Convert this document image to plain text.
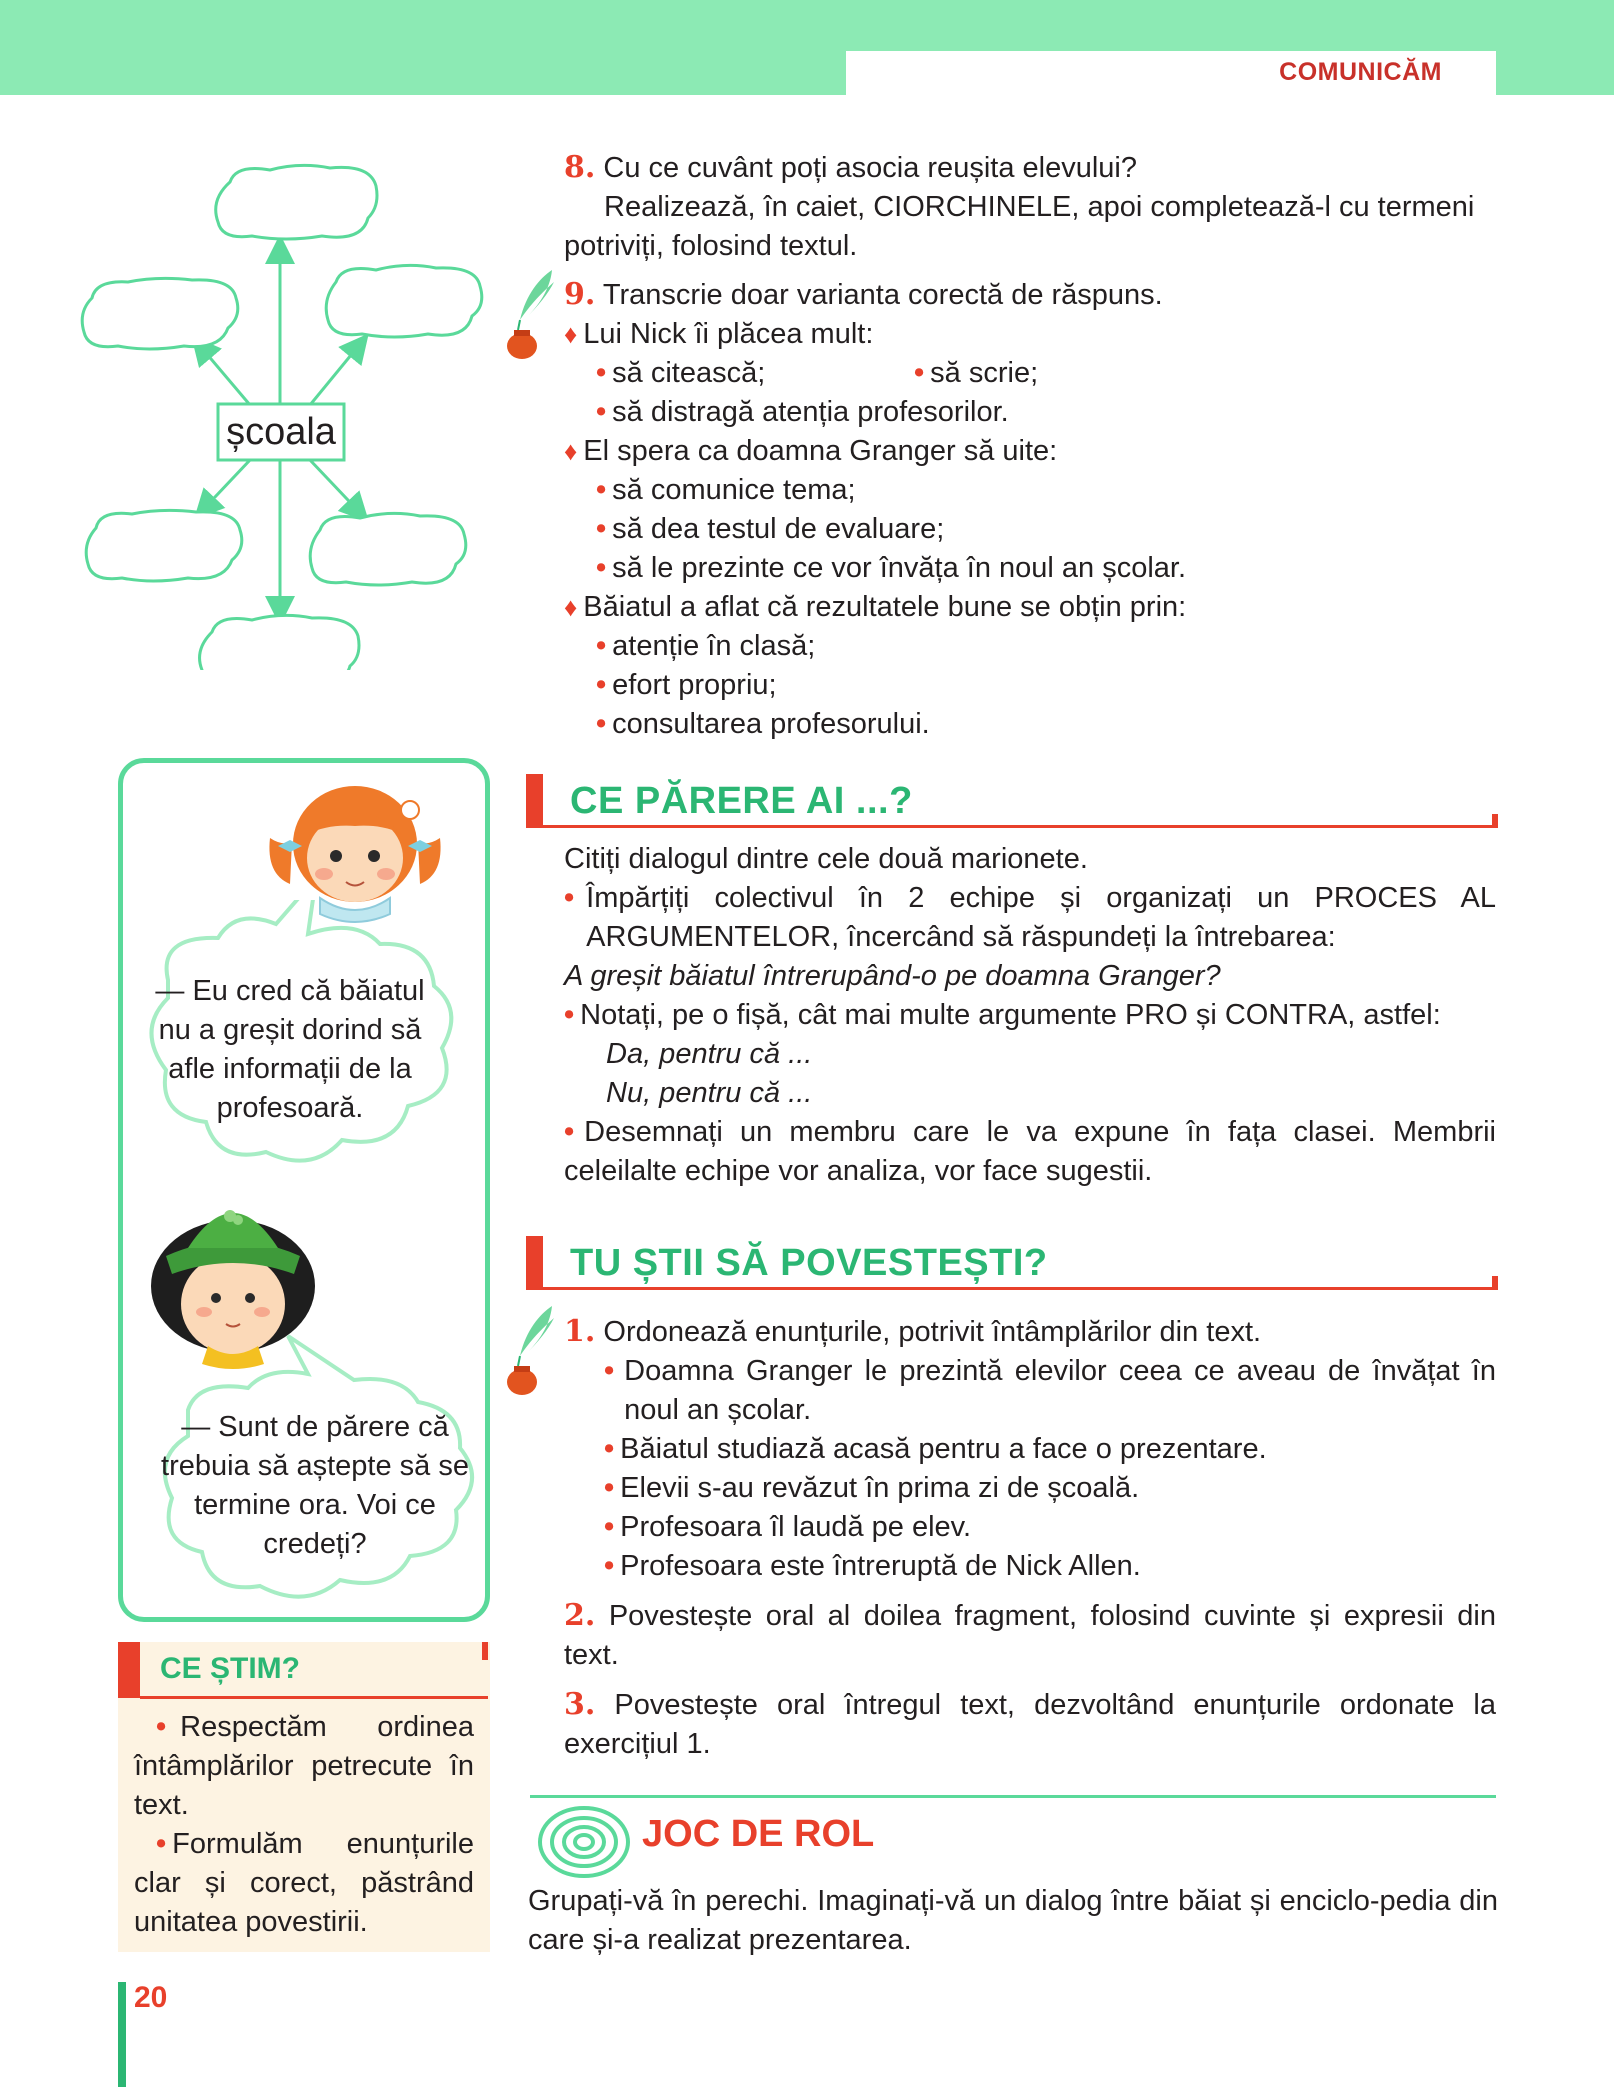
COMUNICĂM
școala
8. Cu ce cuvânt poți asocia reușita elevului?
Realizează, în caiet, CIORCHINELE, apoi completează-l cu termeni
potriviți, folosind textul.
9. Transcrie doar varianta corectă de răspuns.
♦ Lui Nick îi plăcea mult:
• să citească;	• să scrie;
• să distragă atenția profesorilor.
♦ El spera ca doamna Granger să uite:
• să comunice tema;
• să dea testul de evaluare;
• să le prezinte ce vor învăța în noul an școlar.
♦ Băiatul a aflat că rezultatele bune se obțin prin:
• atenție în clasă;
• efort propriu;
• consultarea profesorului.
CE PĂRERE AI ...?
Citiți dialogul dintre cele două marionete.
• Împărțiți colectivul în 2 echipe și organizați un PROCES AL ARGUMENTELOR, încercând să răspundeți la întrebarea:
A greșit băiatul întrerupând-o pe doamna Granger?
• Notați, pe o fișă, cât mai multe argumente PRO și CONTRA, astfel:
Da, pentru că ...
Nu, pentru că ...
• Desemnați un membru care le va expune în fața clasei. Membrii celeilalte echipe vor analiza, vor face sugestii.
TU ȘTII SĂ POVESTEȘTI?
1. Ordonează enunțurile, potrivit întâmplărilor din text.
• Doamna Granger le prezintă elevilor ceea ce aveau de învățat în noul an școlar.
• Băiatul studiază acasă pentru a face o prezentare.
• Elevii s-au revăzut în prima zi de școală.
• Profesoara îl laudă pe elev.
• Profesoara este întreruptă de Nick Allen.
2. Povestește oral al doilea fragment, folosind cuvinte și expresii din text.
3. Povestește oral întregul text, dezvoltând enunțurile ordonate la exercițiul 1.
JOC DE ROL
Grupați-vă în perechi. Imaginați-vă un dialog între băiat și enciclo-pedia din care și-a realizat prezentarea.
— Eu cred că băiatul nu a greșit dorind să afle informații de la profesoară.
— Sunt de părere că trebuia să aștepte să se termine ora. Voi ce credeți?
CE ȘTIM?
• Respectăm ordinea întâmplărilor petrecute în text.
• Formulăm enunțurile clar și corect, păstrând unitatea povestirii.
20
